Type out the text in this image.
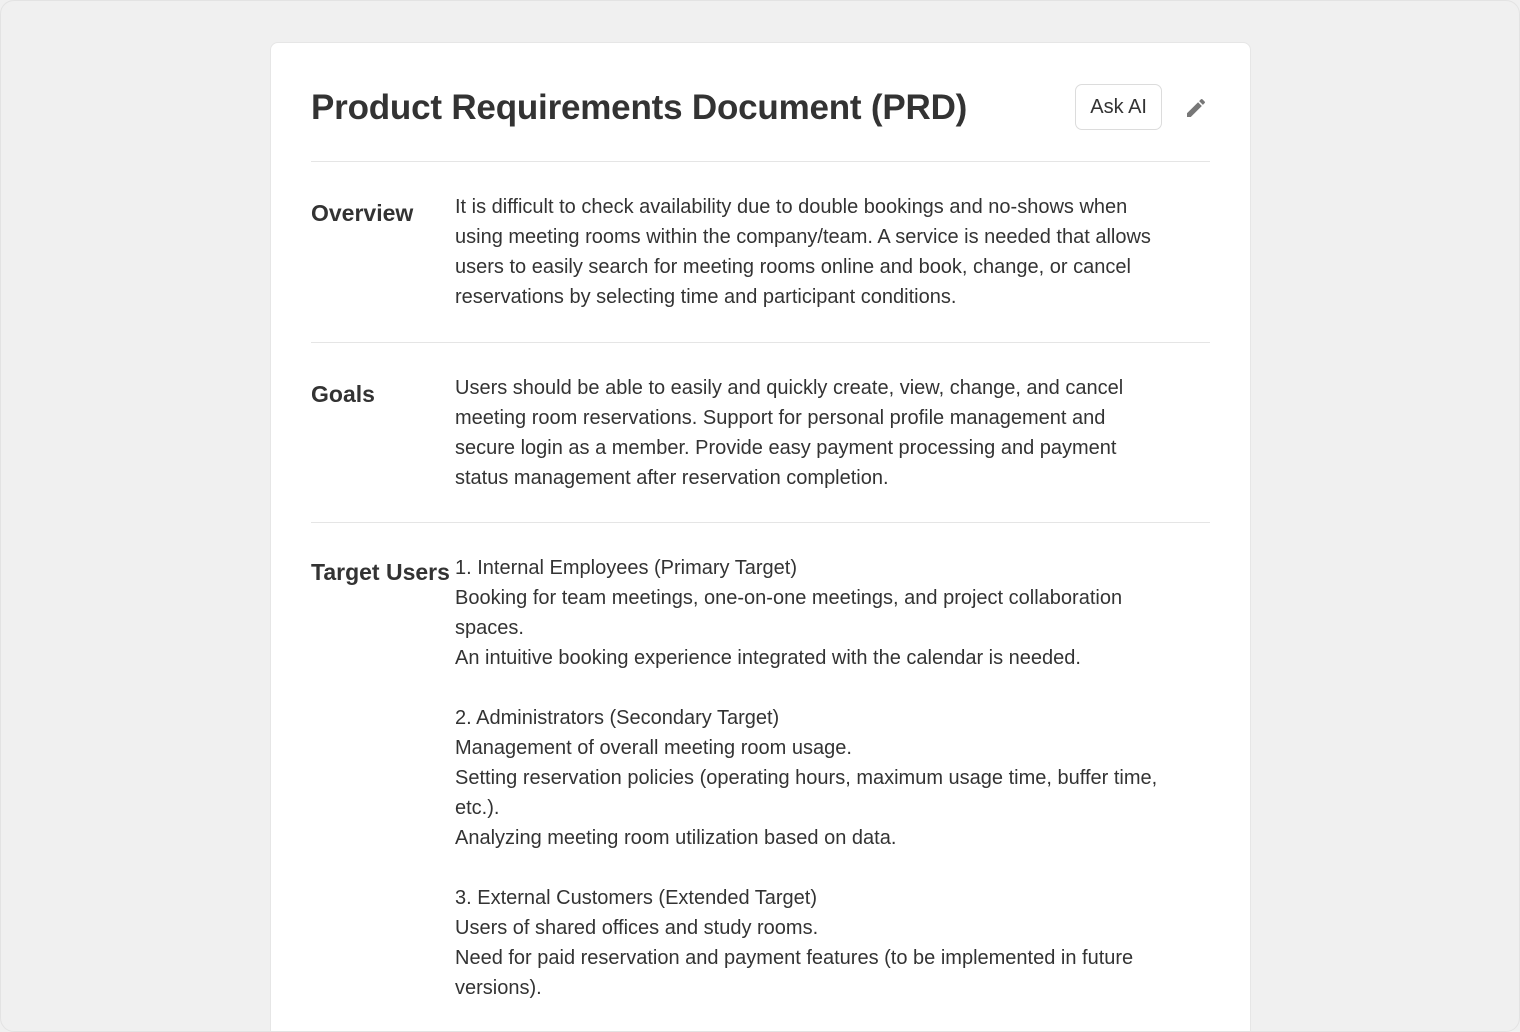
Product Requirements Document (PRD)	Ask AI
Overview	It is difficult to check availability due to double bookings and no-shows when
using meeting rooms within the company/team. A service is needed that allows
users to easily search for meeting rooms online and book, change, or cancel
reservations by selecting time and participant conditions.
Goals	Users should be able to easily and quickly create, view, change, and cancel
meeting room reservations. Support for personal profile management and
secure login as a member. Provide easy payment processing and payment
status management after reservation completion.
Target Users 1. Internal Employees (Primary Target)
Booking for team meetings, one-on-one meetings, and project collaboration
spaces.
An intuitive booking experience integrated with the calendar is needed.
2. Administrators (Secondary Target)
Management of overall meeting room usage.
Setting reservation policies (operating hours, maximum usage time, buffer time,
etc.).
Analyzing meeting room utilization based on data.
3. External Customers (Extended Target)
Users of shared offices and study rooms.
Need for paid reservation and payment features (to be implemented in future
versions).
